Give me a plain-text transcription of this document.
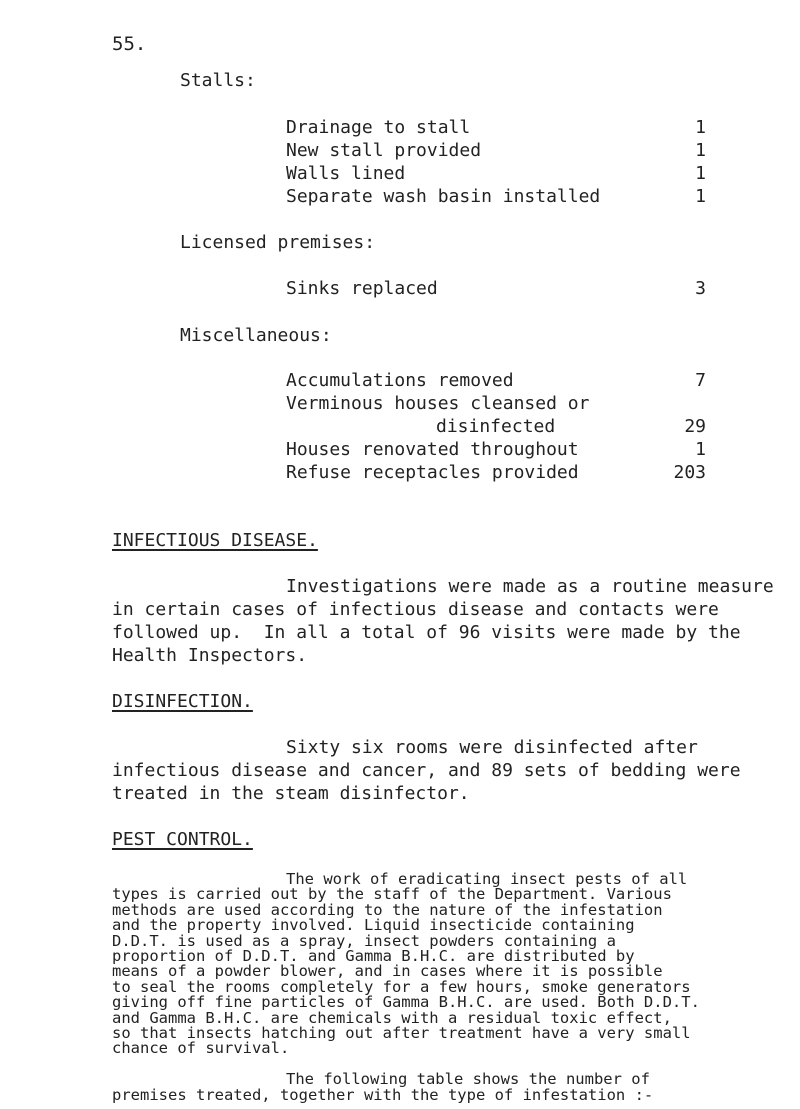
55.
Stalls:
Drainage to stall	1
New stall provided	1
Walls lined	1
Separate wash basin installed	1
Licensed premises:
Sinks replaced	3
Miscellaneous:
Accumulations removed	7
Verminous houses cleansed or
disinfected	29
Houses renovated throughout	1
Refuse receptacles provided	203
INFECTIOUS DISEASE.
Investigations were made as a routine measure
in certain cases of infectious disease and contacts were
followed up.  In all a total of 96 visits were made by the
Health Inspectors.
DISINFECTION.
Sixty six rooms were disinfected after
infectious disease and cancer, and 89 sets of bedding were
treated in the steam disinfector.
PEST CONTROL.
The work of eradicating insect pests of all
types is carried out by the staff of the Department. Various
methods are used according to the nature of the infestation
and the property involved. Liquid insecticide containing
D.D.T. is used as a spray, insect powders containing a
proportion of D.D.T. and Gamma B.H.C. are distributed by
means of a powder blower, and in cases where it is possible
to seal the rooms completely for a few hours, smoke generators
giving off fine particles of Gamma B.H.C. are used. Both D.D.T.
and Gamma B.H.C. are chemicals with a residual toxic effect,
so that insects hatching out after treatment have a very small
chance of survival.
The following table shows the number of
premises treated, together with the type of infestation :-
